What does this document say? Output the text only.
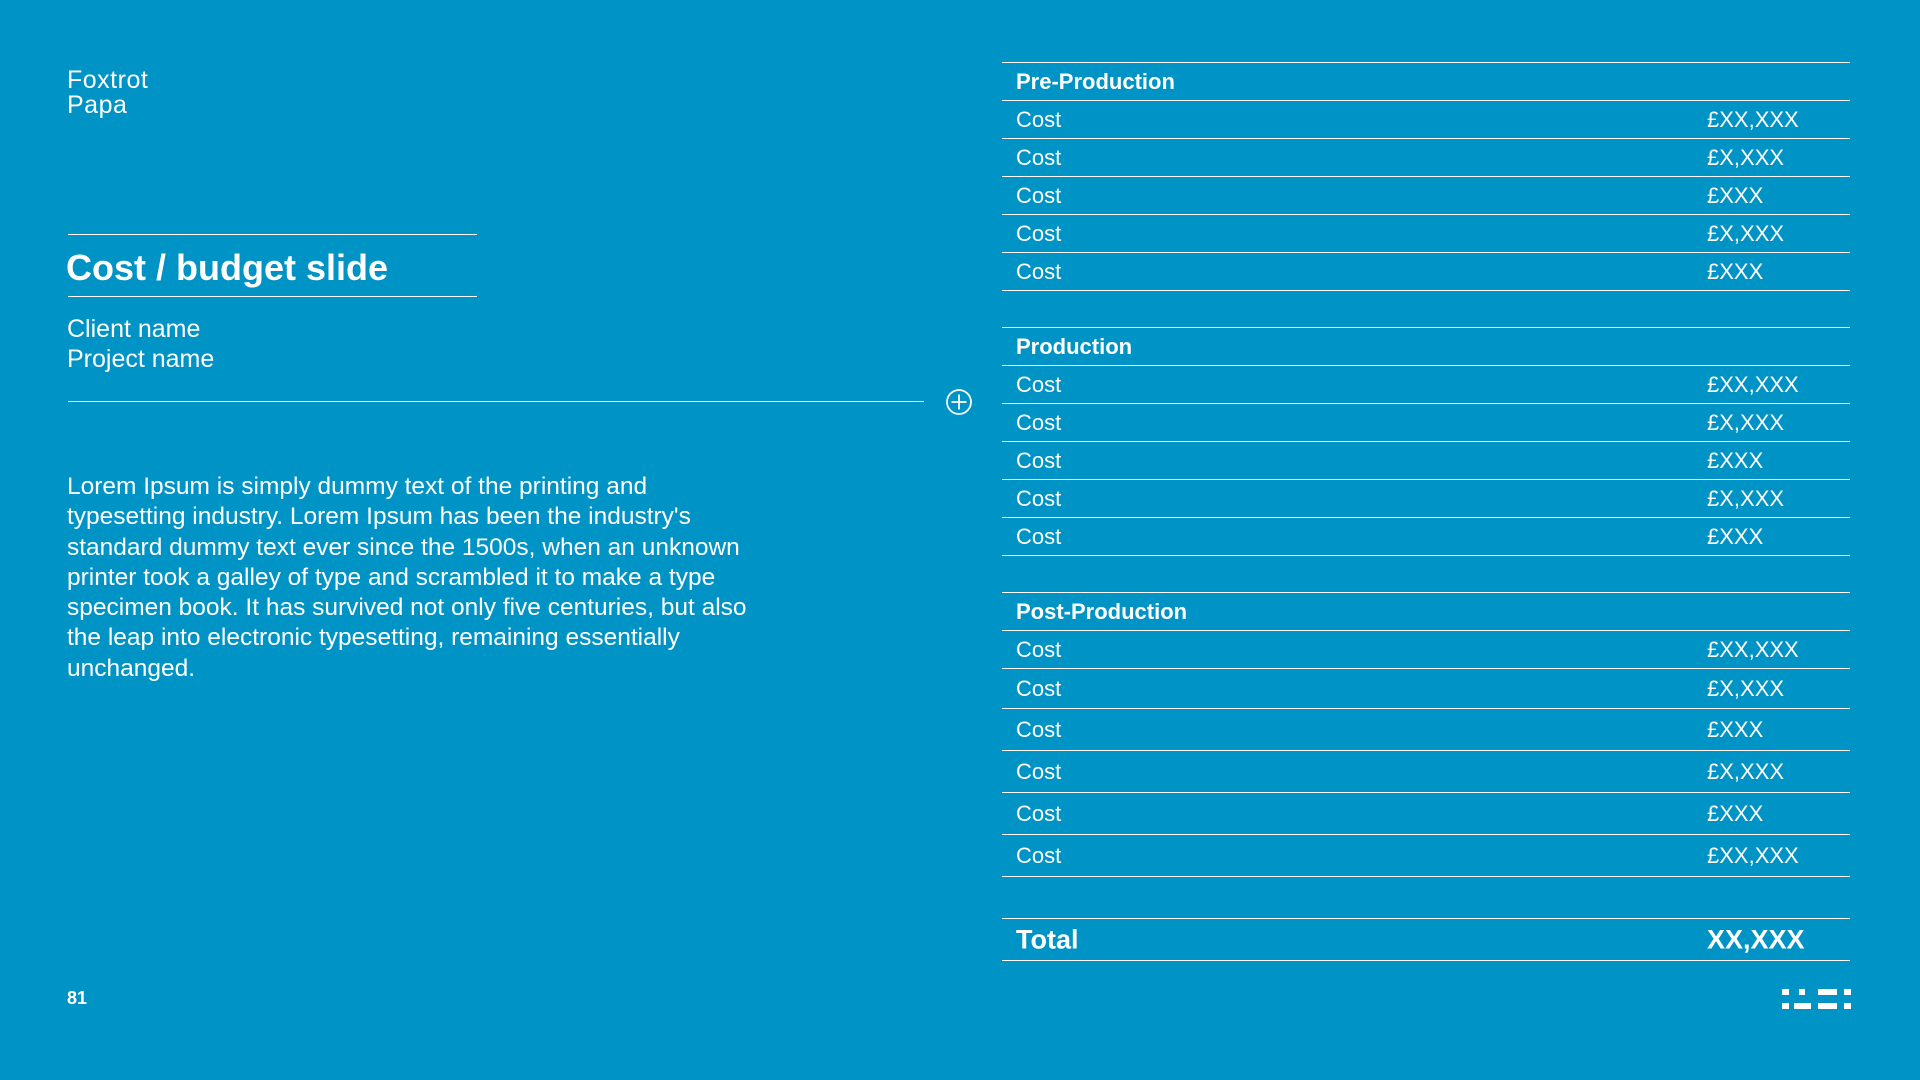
Foxtrot
Papa
Cost / budget slide
Client name
Project name
Lorem Ipsum is simply dummy text of the printing and typesetting industry. Lorem Ipsum has been the industry's standard dummy text ever since the 1500s, when an unknown printer took a galley of type and scrambled it to make a type specimen book. It has survived not only five centuries, but also the leap into electronic typesetting, remaining essentially unchanged.
81
Pre-Production
Cost	£XX,XXX
Cost	£X,XXX
Cost	£XXX
Cost	£X,XXX
Cost	£XXX
Production
Cost	£XX,XXX
Cost	£X,XXX
Cost	£XXX
Cost	£X,XXX
Cost	£XXX
Post-Production
Cost	£XX,XXX
Cost	£X,XXX
Cost	£XXX
Cost	£X,XXX
Cost	£XXX
Cost	£XX,XXX
Total	XX,XXX
